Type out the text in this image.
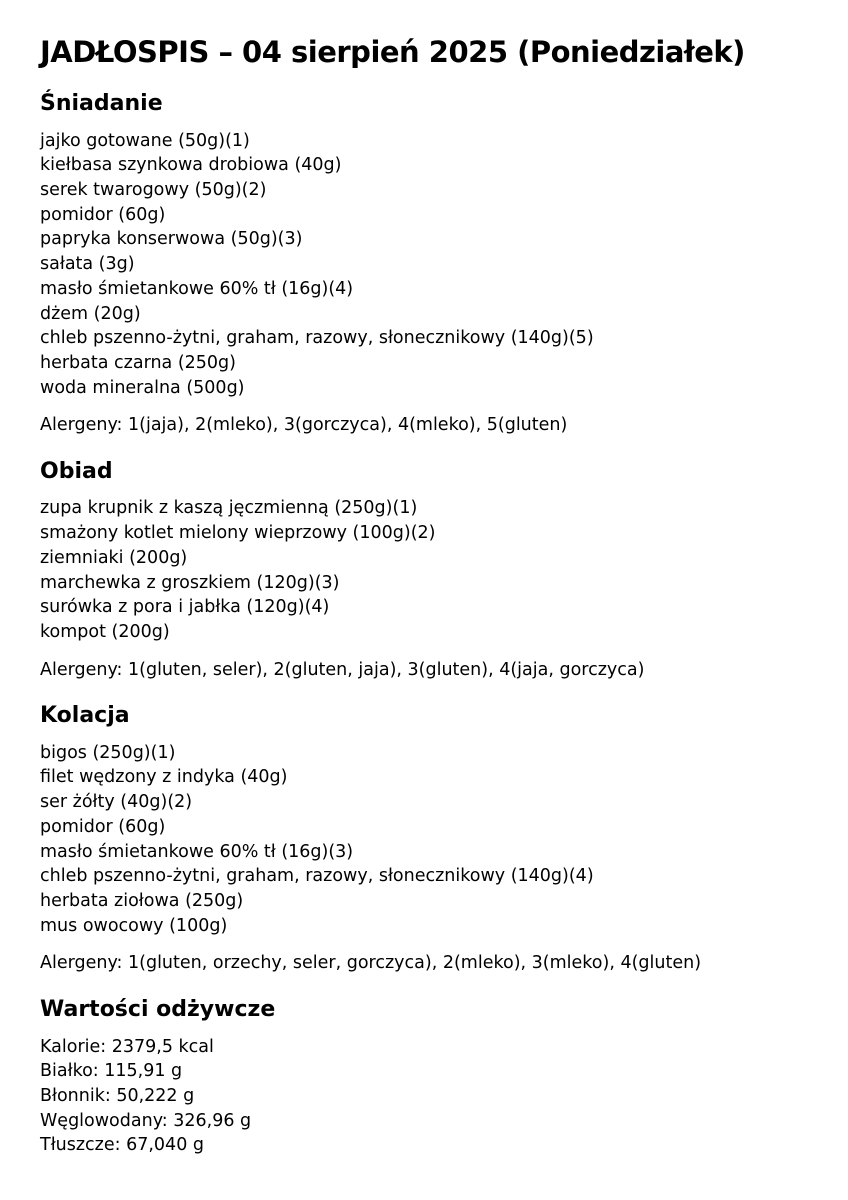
JADŁOSPIS – 04 sierpień 2025 (Poniedziałek)
Śniadanie
jajko gotowane (50g)(1)
kiełbasa szynkowa drobiowa (40g)
serek twarogowy (50g)(2)
pomidor (60g)
papryka konserwowa (50g)(3)
sałata (3g)
masło śmietankowe 60% tł (16g)(4)
dżem (20g)
chleb pszenno-żytni, graham, razowy, słonecznikowy (140g)(5)
herbata czarna (250g)
woda mineralna (500g)

Alergeny: 1(jaja), 2(mleko), 3(gorczyca), 4(mleko), 5(gluten)

Obiad
zupa krupnik z kaszą jęczmienną (250g)(1)
smażony kotlet mielony wieprzowy (100g)(2)
ziemniaki (200g)
marchewka z groszkiem (120g)(3)
surówka z pora i jabłka (120g)(4)
kompot (200g)

Alergeny: 1(gluten, seler), 2(gluten, jaja), 3(gluten), 4(jaja, gorczyca)

Kolacja
bigos (250g)(1)
filet wędzony z indyka (40g)
ser żółty (40g)(2)
pomidor (60g)
masło śmietankowe 60% tł (16g)(3)
chleb pszenno-żytni, graham, razowy, słonecznikowy (140g)(4)
herbata ziołowa (250g)
mus owocowy (100g)

Alergeny: 1(gluten, orzechy, seler, gorczyca), 2(mleko), 3(mleko), 4(gluten)

Wartości odżywcze
Kalorie: 2379,5 kcal
Białko: 115,91 g
Błonnik: 50,222 g
Węglowodany: 326,96 g
Tłuszcze: 67,040 g
